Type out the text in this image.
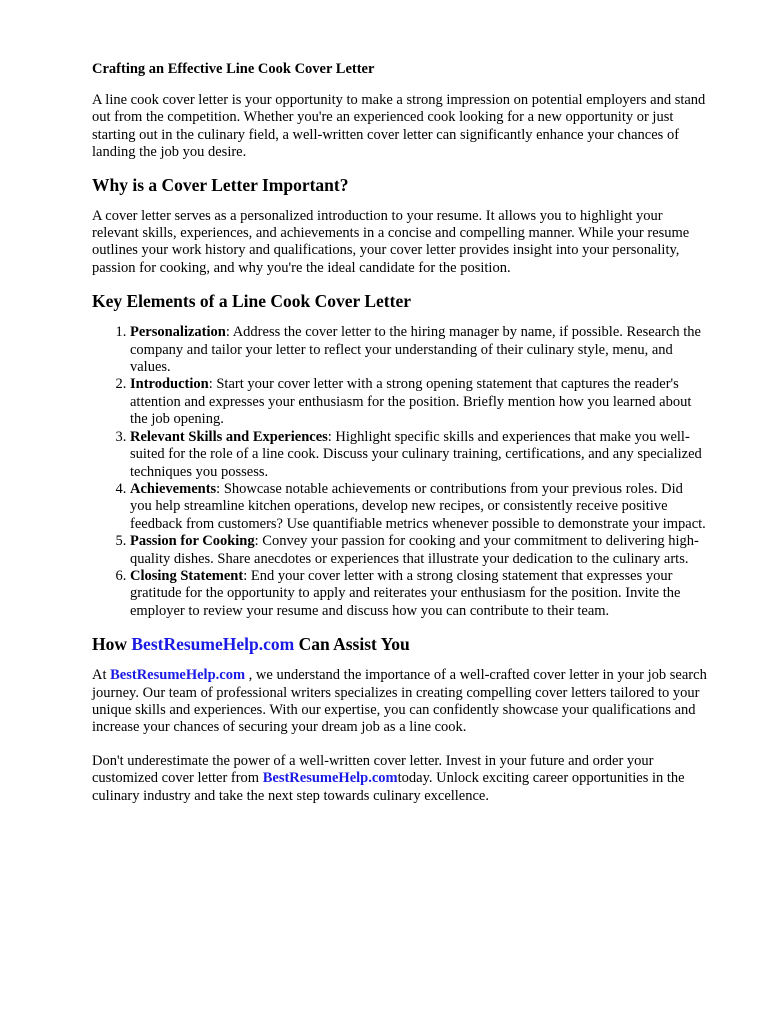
Crafting an Effective Line Cook Cover Letter

A line cook cover letter is your opportunity to make a strong impression on potential employers and stand out from the competition. Whether you're an experienced cook looking for a new opportunity or just starting out in the culinary field, a well-written cover letter can significantly enhance your chances of landing the job you desire.

Why is a Cover Letter Important?

A cover letter serves as a personalized introduction to your resume. It allows you to highlight your relevant skills, experiences, and achievements in a concise and compelling manner. While your resume outlines your work history and qualifications, your cover letter provides insight into your personality, passion for cooking, and why you're the ideal candidate for the position.

Key Elements of a Line Cook Cover Letter
1. Personalization: Address the cover letter to the hiring manager by name, if possible. Research the company and tailor your letter to reflect your understanding of their culinary style, menu, and values.
2. Introduction: Start your cover letter with a strong opening statement that captures the reader's attention and expresses your enthusiasm for the position. Briefly mention how you learned about the job opening.
3. Relevant Skills and Experiences: Highlight specific skills and experiences that make you well-suited for the role of a line cook. Discuss your culinary training, certifications, and any specialized techniques you possess.
4. Achievements: Showcase notable achievements or contributions from your previous roles. Did you help streamline kitchen operations, develop new recipes, or consistently receive positive feedback from customers? Use quantifiable metrics whenever possible to demonstrate your impact.
5. Passion for Cooking: Convey your passion for cooking and your commitment to delivering high-quality dishes. Share anecdotes or experiences that illustrate your dedication to the culinary arts.
6. Closing Statement: End your cover letter with a strong closing statement that expresses your gratitude for the opportunity to apply and reiterates your enthusiasm for the position. Invite the employer to review your resume and discuss how you can contribute to their team.
How BestResumeHelp.com Can Assist You

At BestResumeHelp.com , we understand the importance of a well-crafted cover letter in your job search journey. Our team of professional writers specializes in creating compelling cover letters tailored to your unique skills and experiences. With our expertise, you can confidently showcase your qualifications and increase your chances of securing your dream job as a line cook.

Don't underestimate the power of a well-written cover letter. Invest in your future and order your customized cover letter from BestResumeHelp.comtoday. Unlock exciting career opportunities in the culinary industry and take the next step towards culinary excellence.
